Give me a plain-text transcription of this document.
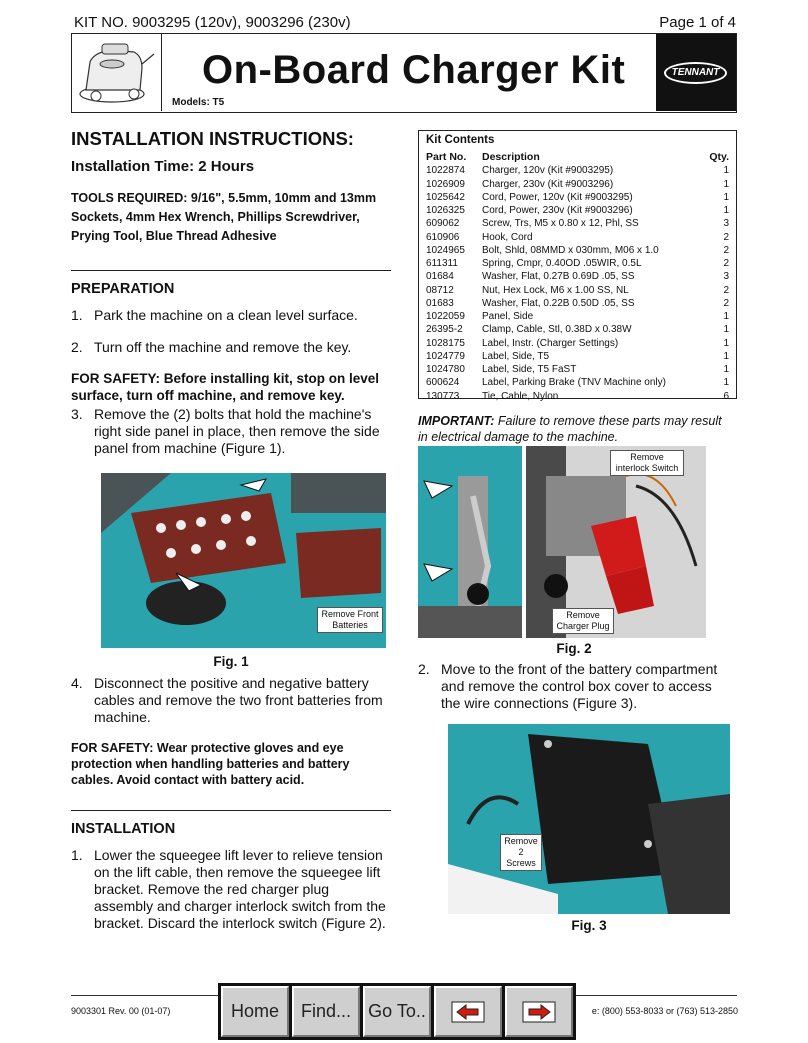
KIT NO. 9003295 (120v), 9003296 (230v)	Page 1 of 4
On-Board Charger Kit
Models: T5
TENNANT
INSTALLATION INSTRUCTIONS:
Installation Time: 2 Hours
TOOLS REQUIRED: 9/16", 5.5mm, 10mm and 13mm Sockets, 4mm Hex Wrench, Phillips Screwdriver, Prying Tool, Blue Thread Adhesive
PREPARATION
1. Park the machine on a clean level surface.
2. Turn off the machine and remove the key.
FOR SAFETY: Before installing kit, stop on level surface, turn off machine, and remove key.
3. Remove the (2) bolts that hold the machine's right side panel in place, then remove the side panel from machine (Figure 1).
Remove Front Batteries
Fig. 1
4. Disconnect the positive and negative battery cables and remove the two front batteries from machine.
FOR SAFETY: Wear protective gloves and eye protection when handling batteries and battery cables. Avoid contact with battery acid.
INSTALLATION
1. Lower the squeegee lift lever to relieve tension on the lift cable, then remove the squeegee lift bracket. Remove the red charger plug assembly and charger interlock switch from the bracket. Discard the interlock switch (Figure 2).
Kit Contents
Part No.	Description	Qty.
1022874	Charger, 120v (Kit #9003295)	1
1026909	Charger, 230v (Kit #9003296)	1
1025642	Cord, Power, 120v (Kit #9003295)	1
1026325	Cord, Power, 230v (Kit #9003296)	1
609062	Screw, Trs, M5 x 0.80 x 12, Phl, SS	3
610906	Hook, Cord	2
1024965	Bolt, Shld, 08MMD x 030mm, M06 x 1.0	2
611311	Spring, Cmpr, 0.40OD .05WIR, 0.5L	2
01684	Washer, Flat, 0.27B 0.69D .05, SS	3
08712	Nut, Hex Lock, M6 x 1.00 SS, NL	2
01683	Washer, Flat, 0.22B 0.50D .05, SS	2
1022059	Panel, Side	1
26395-2	Clamp, Cable, Stl, 0.38D x 0.38W	1
1028175	Label, Instr. (Charger Settings)	1
1024779	Label, Side, T5	1
1024780	Label, Side, T5 FaST	1
600624	Label, Parking Brake (TNV Machine only)	1
130773	Tie, Cable, Nylon	6
IMPORTANT: Failure to remove these parts may result in electrical damage to the machine.
Remove interlock Switch
Remove Charger Plug
Fig. 2
2. Move to the front of the battery compartment and remove the control box cover to access the wire connections (Figure 3).
Remove 2 Screws
Fig. 3
9003301 Rev. 00 (01-07)	e: (800) 553-8033 or (763) 513-2850
Home	Find... Go To..
